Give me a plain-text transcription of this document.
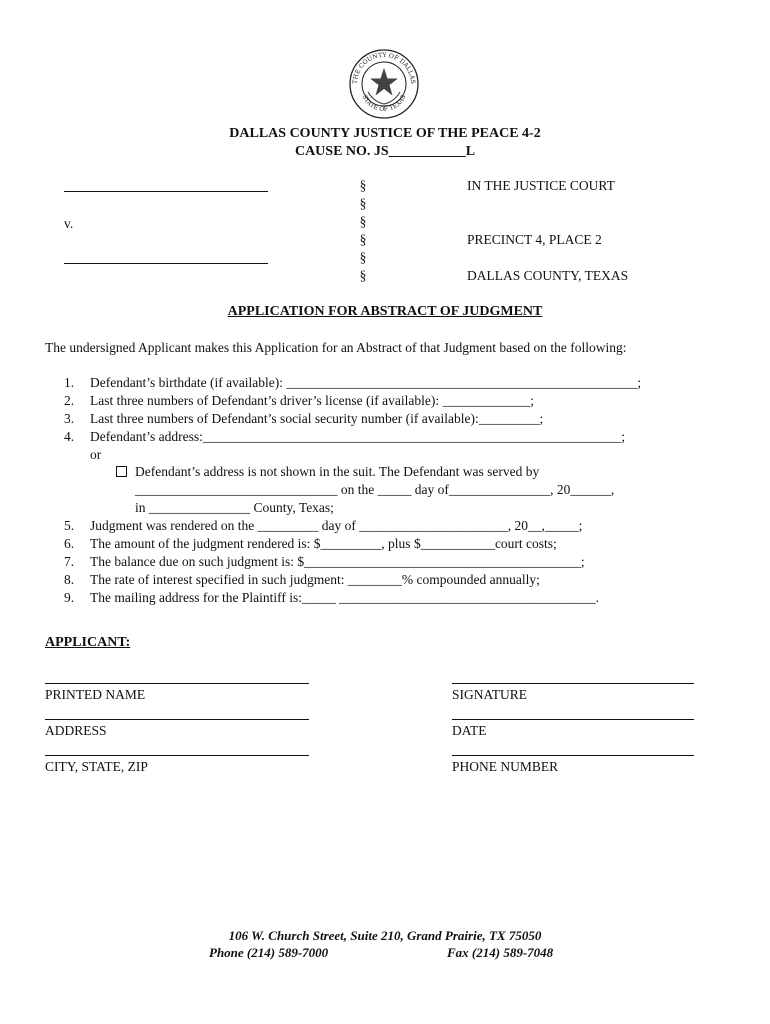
THE COUNTY OF DALLAS
STATE OF TEXAS
DALLAS COUNTY JUSTICE OF THE PEACE 4-2
CAUSE NO. JS___________L
v.
§
§
§
§
§
§
IN THE JUSTICE COURT
PRECINCT 4, PLACE 2
DALLAS COUNTY, TEXAS
APPLICATION FOR ABSTRACT OF JUDGMENT
The undersigned Applicant makes this Application for an Abstract of that Judgment based on the following:
1. Defendant’s birthdate (if available): ____________________________________________________;
2. Last three numbers of Defendant’s driver’s license (if available): _____________;
3. Last three numbers of Defendant’s social security number (if available):_________;
4. Defendant’s address:______________________________________________________________;
or
Defendant’s address is not shown in the suit. The Defendant was served by
______________________________ on the _____ day of_______________, 20______,
in _______________ County, Texas;
5. Judgment was rendered on the _________ day of ______________________, 20__,_____;
6. The amount of the judgment rendered is: $_________, plus $___________court costs;
7. The balance due on such judgment is: $_________________________________________;
8. The rate of interest specified in such judgment: ________% compounded annually;
9. The mailing address for the Plaintiff is:_____ ______________________________________.
APPLICANT:
PRINTED NAME
ADDRESS
CITY, STATE, ZIP
SIGNATURE
DATE
PHONE NUMBER
106 W. Church Street, Suite 210, Grand Prairie, TX 75050
Phone (214) 589-7000	Fax (214) 589-7048
